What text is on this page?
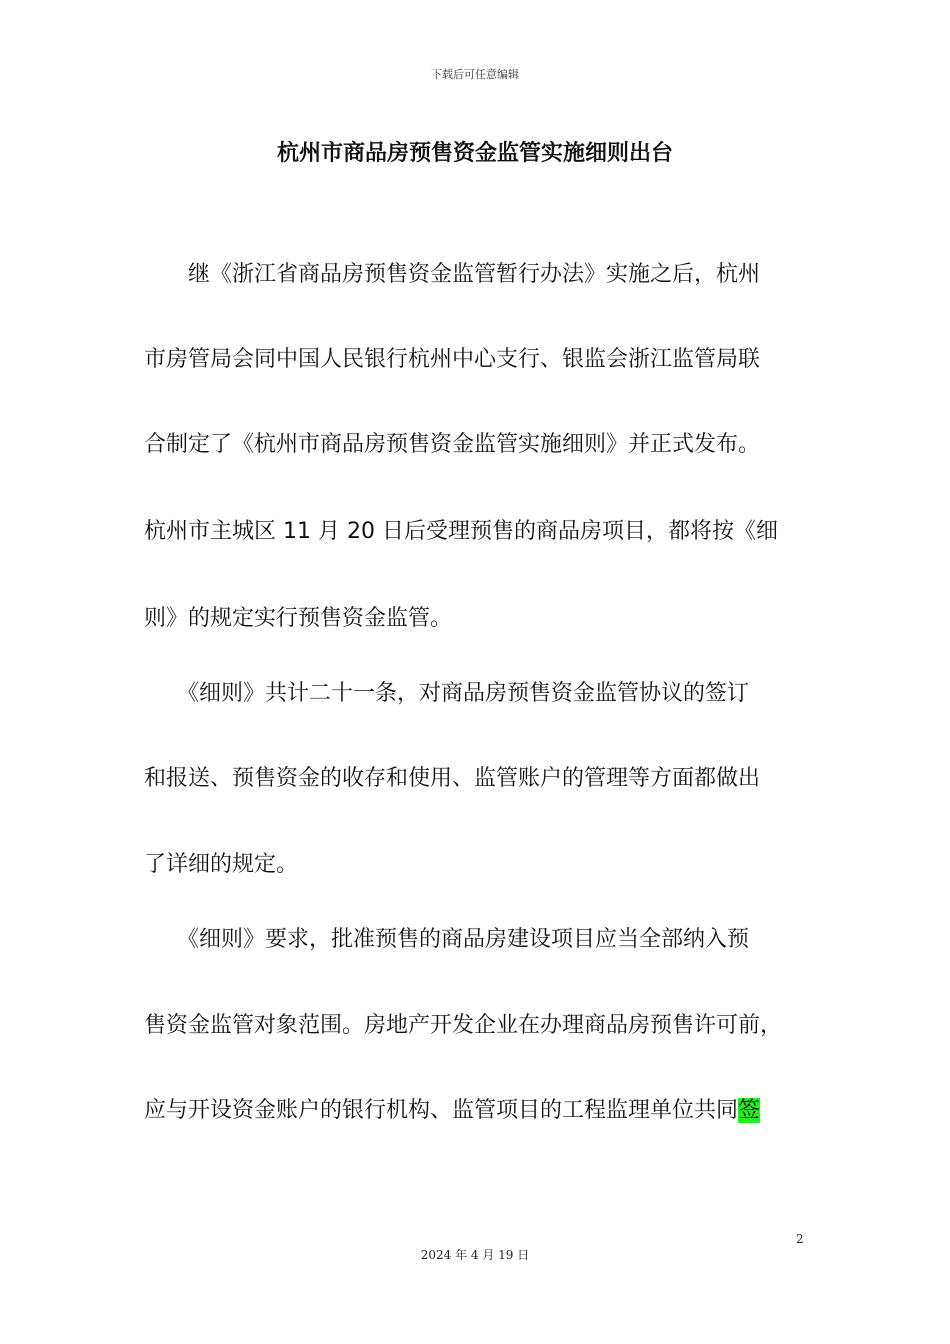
下载后可任意编辑
杭州市商品房预售资金监管实施细则出台
　　继《浙江省商品房预售资金监管暂行办法》实施之后，杭州
市房管局会同中国人民银行杭州中心支行、银监会浙江监管局联
合制定了《杭州市商品房预售资金监管实施细则》并正式发布。
杭州市主城区 11 月 20 日后受理预售的商品房项目，都将按《细
则》的规定实行预售资金监管。
　　《细则》共计二十一条，对商品房预售资金监管协议的签订
和报送、预售资金的收存和使用、监管账户的管理等方面都做出
了详细的规定。
　　《细则》要求，批准预售的商品房建设项目应当全部纳入预
售资金监管对象范围。房地产开发企业在办理商品房预售许可前，
应与开设资金账户的银行机构、监管项目的工程监理单位共同签
2
2024 年 4 月 19 日
